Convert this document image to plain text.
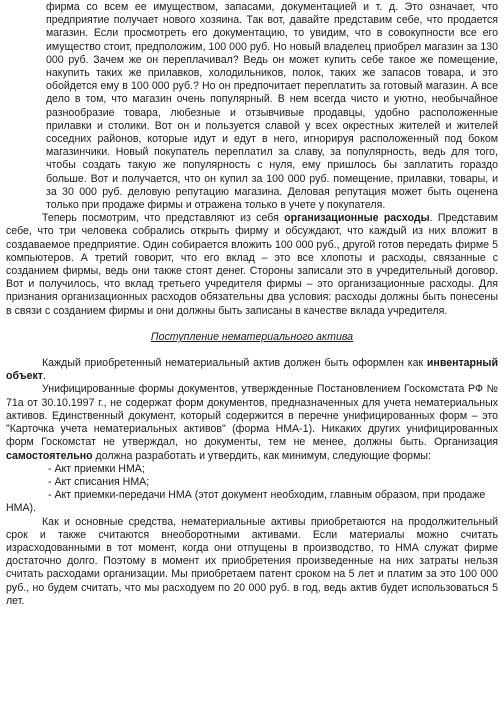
фирма со всем ее имуществом, запасами, документацией и т. д. Это означает, что предприятие получает нового хозяина. Так вот, давайте представим себе, что продается магазин. Если просмотреть его документацию, то увидим, что в совокупности все его имущество стоит, предположим, 100 000 руб. Но новый владелец приобрел магазин за 130 000 руб. Зачем же он переплачивал? Ведь он может купить себе такое же помещение, накупить таких же прилавков, холодильников, полок, таких же запасов товара, и это обойдется ему в 100 000 руб.? Но он предпочитает переплатить за готовый магазин. А все дело в том, что магазин очень популярный. В нем всегда чисто и уютно, необычайное разнообразие товара, любезные и отзывчивые продавцы, удобно расположенные прилавки и столики. Вот он и пользуется славой у всех окрестных жителей и жителей соседних районов, которые идут и едут в него, игнорируя расположенный под боком магазинчики. Новый покупатель переплатил за славу, за популярность, ведь для того, чтобы создать такую же популярность с нуля, ему пришлось бы заплатить гораздо больше. Вот и получается, что он купил за 100 000 руб. помещение, прилавки, товары, и за 30 000 руб. деловую репутацию магазина. Деловая репутация может быть оценена только при продаже фирмы и отражена только в учете у покупателя.

Теперь посмотрим, что представляют из себя организационные расходы. Представим себе, что три человека собрались открыть фирму и обсуждают, что каждый из них вложит в создаваемое предприятие. Один собирается вложить 100 000 руб., другой готов передать фирме 5 компьютеров. А третий говорит, что его вклад – это все хлопоты и расходы, связанные с созданием фирмы, ведь они также стоят денег. Стороны записали это в учредительный договор. Вот и получилось, что вклад третьего учредителя фирмы – это организационные расходы. Для признания организационных расходов обязательны два условия: расходы должны быть понесены в связи с созданием фирмы и они должны быть записаны в качестве вклада учредителя.

Поступление нематериального актива

Каждый приобретенный нематериальный актив должен быть оформлен как инвентарный объект.

Унифицированные формы документов, утвержденные Постановлением Госкомстата РФ № 71а от 30.10.1997 г., не содержат форм документов, предназначенных для учета нематериальных активов. Единственный документ, который содержится в перечне унифицированных форм – это "Карточка учета нематериальных активов" (форма НМА-1). Никаких других унифицированных форм Госкомстат не утверждал, но документы, тем не менее, должны быть. Организация самостоятельно должна разработать и утвердить, как минимум, следующие формы:

- Акт приемки НМА;

- Акт списания НМА;

- Акт приемки-передачи НМА (этот документ необходим, главным образом, при продаже НМА).

Как и основные средства, нематериальные активы приобретаются на продолжительный срок и также считаются внеоборотными активами. Если материалы можно считать израсходованными в тот момент, когда они отпущены в производство, то НМА служат фирме достаточно долго. Поэтому в момент их приобретения произведенные на них затраты нельзя считать расходами организации. Мы приобретаем патент сроком на 5 лет и платим за это 100 000 руб., но будем считать, что мы расходуем по 20 000 руб. в год, ведь актив будет использоваться 5 лет.
